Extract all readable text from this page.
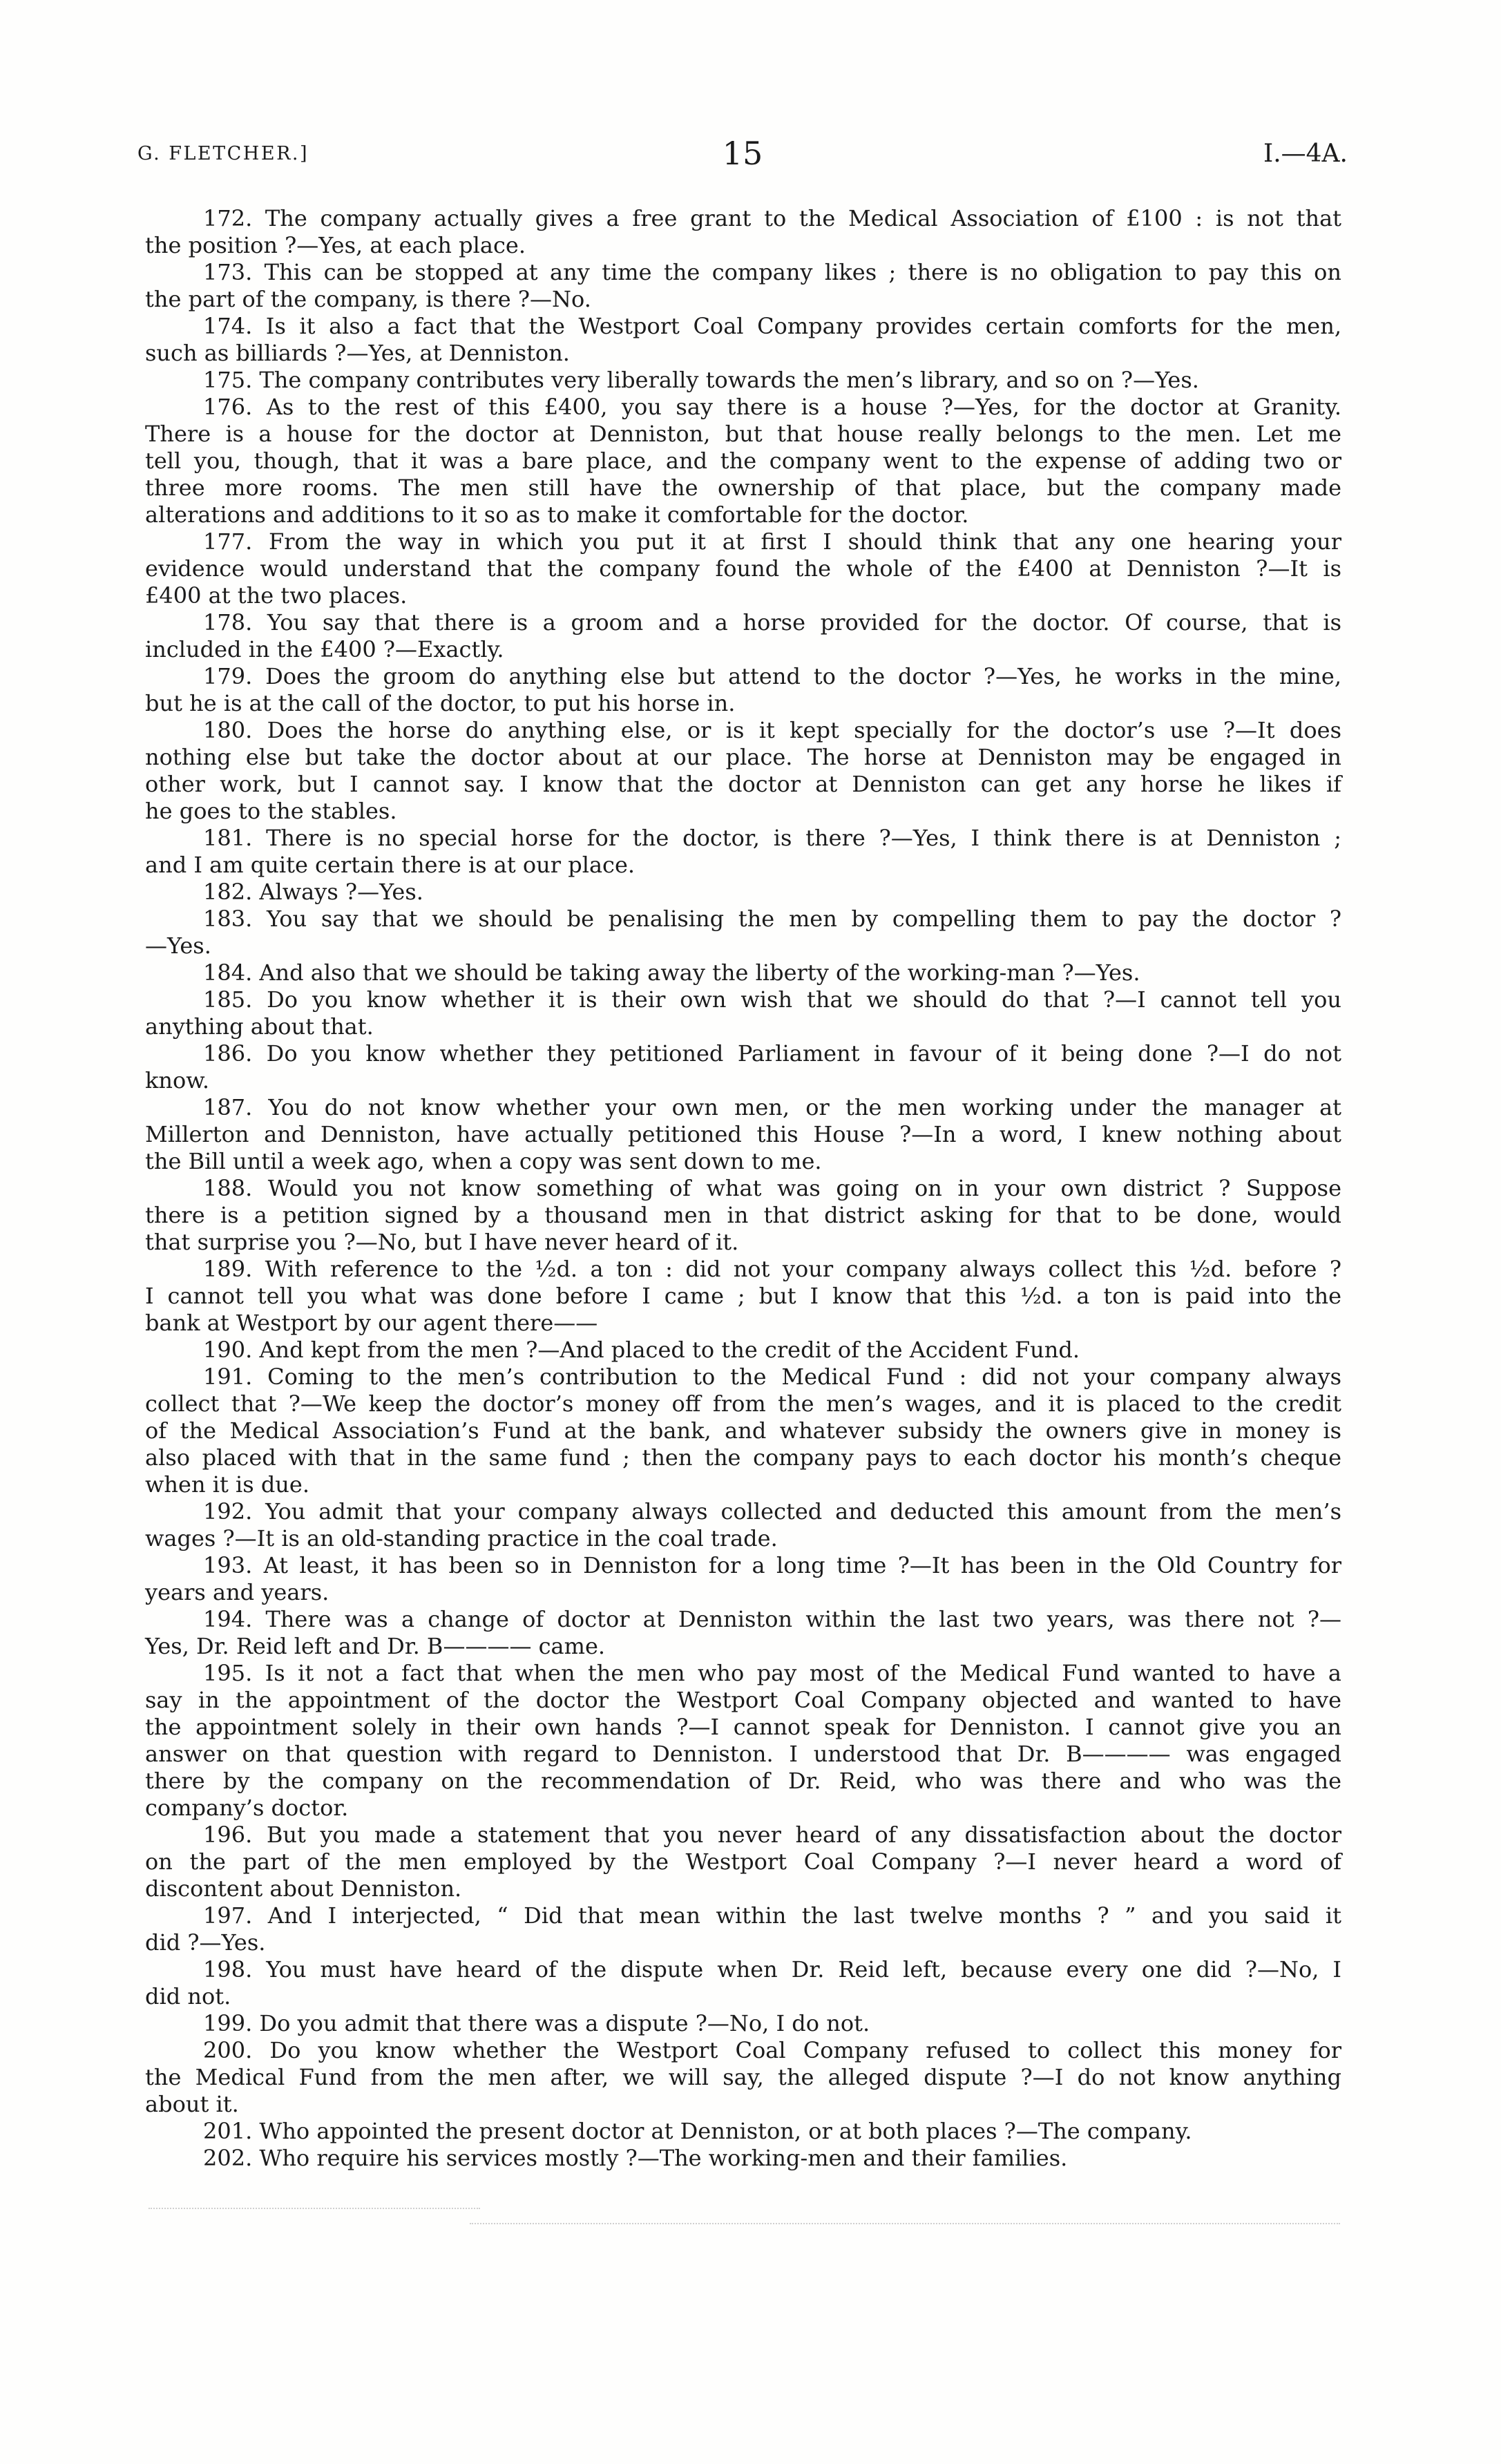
G. FLETCHER.]	15	I.—4A.
172. The company actually gives a free grant to the Medical Association of £100 : is not that
the position ?—Yes, at each place.
173. This can be stopped at any time the company likes ; there is no obligation to pay this on
the part of the company, is there ?—No.
174. Is it also a fact that the Westport Coal Company provides certain comforts for the men,
such as billiards ?—Yes, at Denniston.
175. The company contributes very liberally towards the men’s library, and so on ?—Yes.
176. As to the rest of this £400, you say there is a house ?—Yes, for the doctor at Granity.
There is a house for the doctor at Denniston, but that house really belongs to the men. Let me
tell you, though, that it was a bare place, and the company went to the expense of adding two or
three more rooms. The men still have the ownership of that place, but the company made
alterations and additions to it so as to make it comfortable for the doctor.
177. From the way in which you put it at first I should think that any one hearing your
evidence would understand that the company found the whole of the £400 at Denniston ?—It is
£400 at the two places.
178. You say that there is a groom and a horse provided for the doctor. Of course, that is
included in the £400 ?—Exactly.
179. Does the groom do anything else but attend to the doctor ?—Yes, he works in the mine,
but he is at the call of the doctor, to put his horse in.
180. Does the horse do anything else, or is it kept specially for the doctor’s use ?—It does
nothing else but take the doctor about at our place. The horse at Denniston may be engaged in
other work, but I cannot say. I know that the doctor at Denniston can get any horse he likes if
he goes to the stables.
181. There is no special horse for the doctor, is there ?—Yes, I think there is at Denniston ;
and I am quite certain there is at our place.
182. Always ?—Yes.
183. You say that we should be penalising the men by compelling them to pay the doctor ?
—Yes.
184. And also that we should be taking away the liberty of the working-man ?—Yes.
185. Do you know whether it is their own wish that we should do that ?—I cannot tell you
anything about that.
186. Do you know whether they petitioned Parliament in favour of it being done ?—I do not
know.
187. You do not know whether your own men, or the men working under the manager at
Millerton and Denniston, have actually petitioned this House ?—In a word, I knew nothing about
the Bill until a week ago, when a copy was sent down to me.
188. Would you not know something of what was going on in your own district ? Suppose
there is a petition signed by a thousand men in that district asking for that to be done, would
that surprise you ?—No, but I have never heard of it.
189. With reference to the ½d. a ton : did not your company always collect this ½d. before ?
I cannot tell you what was done before I came ; but I know that this ½d. a ton is paid into the
bank at Westport by our agent there——
190. And kept from the men ?—And placed to the credit of the Accident Fund.
191. Coming to the men’s contribution to the Medical Fund : did not your company always
collect that ?—We keep the doctor’s money off from the men’s wages, and it is placed to the credit
of the Medical Association’s Fund at the bank, and whatever subsidy the owners give in money is
also placed with that in the same fund ; then the company pays to each doctor his month’s cheque
when it is due.
192. You admit that your company always collected and deducted this amount from the men’s
wages ?—It is an old-standing practice in the coal trade.
193. At least, it has been so in Denniston for a long time ?—It has been in the Old Country for
years and years.
194. There was a change of doctor at Denniston within the last two years, was there not ?—
Yes, Dr. Reid left and Dr. B———— came.
195. Is it not a fact that when the men who pay most of the Medical Fund wanted to have a
say in the appointment of the doctor the Westport Coal Company objected and wanted to have
the appointment solely in their own hands ?—I cannot speak for Denniston. I cannot give you an
answer on that question with regard to Denniston. I understood that Dr. B———— was engaged
there by the company on the recommendation of Dr. Reid, who was there and who was the
company’s doctor.
196. But you made a statement that you never heard of any dissatisfaction about the doctor
on the part of the men employed by the Westport Coal Company ?—I never heard a word of
discontent about Denniston.
197. And I interjected, “ Did that mean within the last twelve months ? ” and you said it
did ?—Yes.
198. You must have heard of the dispute when Dr. Reid left, because every one did ?—No, I
did not.
199. Do you admit that there was a dispute ?—No, I do not.
200. Do you know whether the Westport Coal Company refused to collect this money for
the Medical Fund from the men after, we will say, the alleged dispute ?—I do not know anything
about it.
201. Who appointed the present doctor at Denniston, or at both places ?—The company.
202. Who require his services mostly ?—The working-men and their families.
